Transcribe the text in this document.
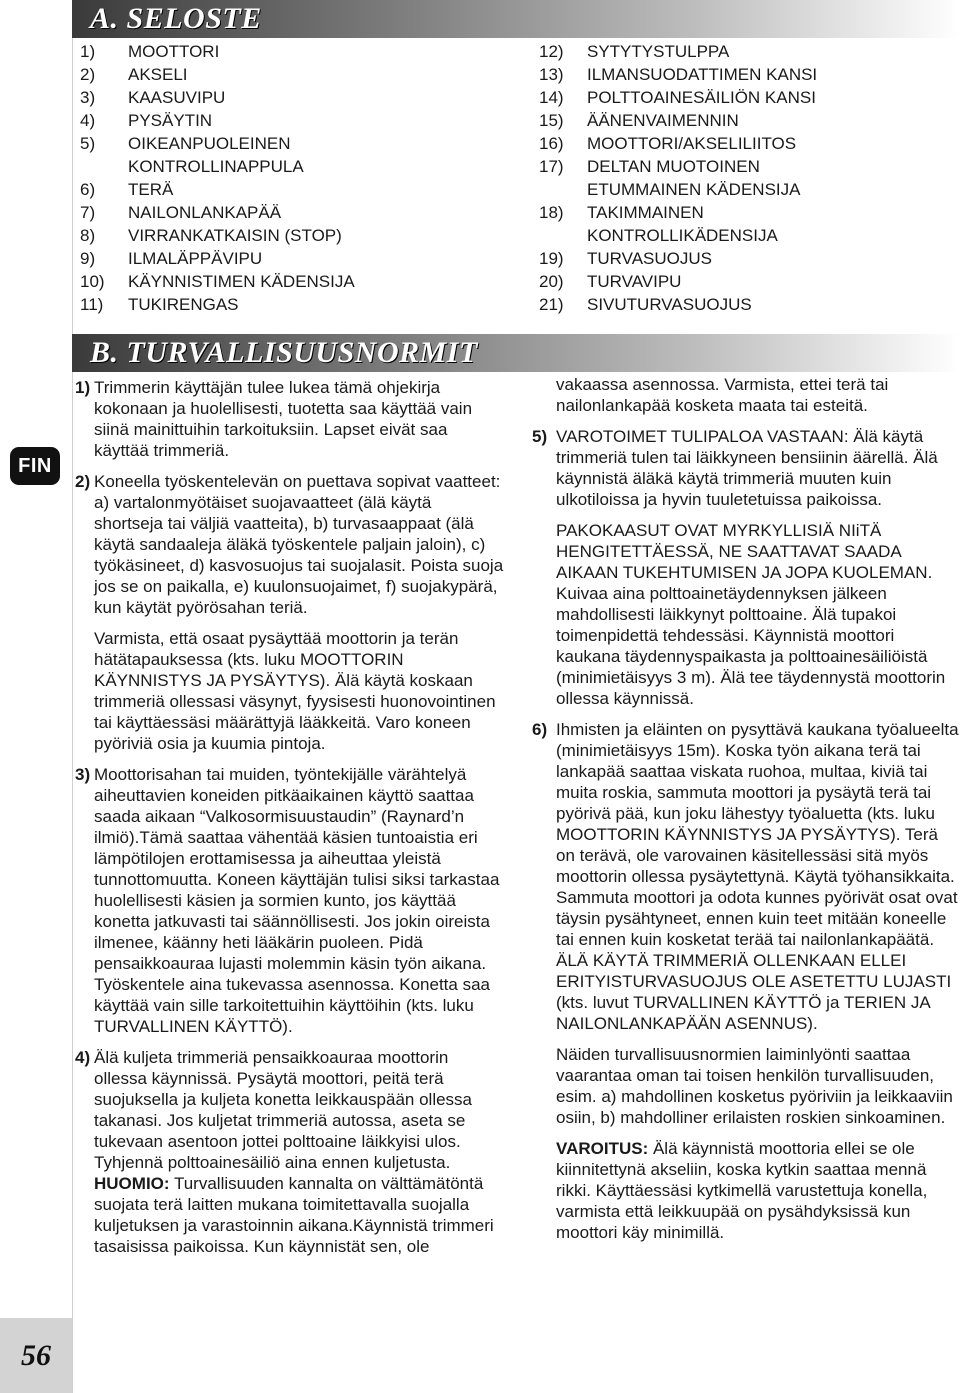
FIN
56
A. SELOSTE
1)	MOOTTORI
2)	AKSELI
3)	KAASUVIPU
4)	PYSÄYTIN
5)	OIKEANPUOLEINEN KONTROLLINAPPULA
6)	TERÄ
7)	NAILONLANKAPÄÄ
8)	VIRRANKATKAISIN (STOP)
9)	ILMALÄPPÄVIPU
10)	KÄYNNISTIMEN KÄDENSIJA
11)	TUKIRENGAS
12)	SYTYTYSTULPPA
13)	ILMANSUODATTIMEN KANSI
14)	POLTTOAINESÄILIÖN KANSI
15)	ÄÄNENVAIMENNIN
16)	MOOTTORI/AKSELILIITOS
17)	DELTAN MUOTOINEN ETUMMAINEN KÄDENSIJA
18)	TAKIMMAINEN KONTROLLIKÄDENSIJA
19)	TURVASUOJUS
20)	TURVAVIPU
21)	SIVUTURVASUOJUS
B. TURVALLISUUSNORMIT
1) Trimmerin käyttäjän tulee lukea tämä ohjekirja kokonaan ja huolellisesti, tuotetta saa käyttää vain siinä mainittuihin tarkoituksiin. Lapset eivät saa käyttää trimmeriä.
2) Koneella työskentelevän on puettava sopivat vaatteet: a) vartalonmyötäiset suojavaatteet (älä käytä shortseja tai väljiä vaatteita), b) turvasaappaat (älä käytä sandaaleja äläkä työskentele paljain jaloin), c) työkäsineet, d) kasvosuojus tai suojalasit. Poista suoja jos se on paikalla, e) kuulonsuojaimet, f) suojakypärä, kun käytät pyörösahan teriä.
Varmista, että osaat pysäyttää moottorin ja terän hätätapauksessa (kts. luku MOOTTORIN KÄYNNISTYS JA PYSÄYTYS). Älä käytä koskaan trimmeriä ollessasi väsynyt, fyysisesti huonovointinen tai käyttäessäsi määrättyjä lääkkeitä. Varo koneen pyöriviä osia ja kuumia pintoja.
3) Moottorisahan tai muiden, työntekijälle värähtelyä aiheuttavien koneiden pitkäaikainen käyttö saattaa saada aikaan “Valkosormisuustaudin” (Raynard’n ilmiö).Tämä saattaa vähentää käsien tuntoaistia eri lämpötilojen erottamisessa ja aiheuttaa yleistä tunnottomuutta. Koneen käyttäjän tulisi siksi tarkastaa huolellisesti käsien ja sormien kunto, jos käyttää konetta jatkuvasti tai säännöllisesti. Jos jokin oireista ilmenee, käänny heti lääkärin puoleen. Pidä pensaikkoauraa lujasti molemmin käsin työn aikana. Työskentele aina tukevassa asennossa. Konetta saa käyttää vain sille tarkoitettuihin käyttöihin (kts. luku TURVALLINEN KÄYTTÖ).
4) Älä kuljeta trimmeriä pensaikkoauraa moottorin ollessa käynnissä. Pysäytä moottori, peitä terä suojuksella ja kuljeta konetta leikkauspään ollessa takanasi. Jos kuljetat trimmeriä autossa, aseta se tukevaan asentoon jottei polttoaine läikkyisi ulos. Tyhjennä polttoainesäiliö aina ennen kuljetusta.
HUOMIO: Turvallisuuden kannalta on välttämätöntä suojata terä laitten mukana toimitettavalla suojalla kuljetuksen ja varastoinnin aikana.Käynnistä trimmeri tasaisissa paikoissa. Kun käynnistät sen, ole
vakaassa asennossa. Varmista, ettei terä tai nailonlankapää kosketa maata tai esteitä.
5) VAROTOIMET TULIPALOA VASTAAN: Älä käytä trimmeriä tulen tai läikkyneen bensiinin äärellä. Älä käynnistä äläkä käytä trimmeriä muuten kuin ulkotiloissa ja hyvin tuuletetuissa paikoissa.
PAKOKAASUT OVAT MYRKYLLISIÄ NIiTÄ HENGITETTÄESSÄ, NE SAATTAVAT SAADA AIKAAN TUKEHTUMISEN JA JOPA KUOLEMAN. Kuivaa aina polttoainetäydennyksen jälkeen mahdollisesti läikkynyt polttoaine. Älä tupakoi toimenpidettä tehdessäsi. Käynnistä moottori kaukana täydennyspaikasta ja polttoainesäiliöistä (minimietäisyys 3 m). Älä tee täydennystä moottorin ollessa käynnissä.
6) Ihmisten ja eläinten on pysyttävä kaukana työalueelta (minimietäisyys 15m). Koska työn aikana terä tai lankapää saattaa viskata ruohoa, multaa, kiviä tai muita roskia, sammuta moottori ja pysäytä terä tai pyörivä pää, kun joku lähestyy työaluetta (kts. luku MOOTTORIN KÄYNNISTYS JA PYSÄYTYS). Terä on terävä, ole varovainen käsitellessäsi sitä myös moottorin ollessa pysäytettynä. Käytä työhansikkaita. Sammuta moottori ja odota kunnes pyörivät osat ovat täysin pysähtyneet, ennen kuin teet mitään koneelle tai ennen kuin kosketat terää tai nailonlankapäätä. ÄLÄ KÄYTÄ TRIMMERIÄ OLLENKAAN ELLEI ERITYISTURVASUOJUS OLE ASETETTU LUJASTI (kts. luvut TURVALLINEN KÄYTTÖ ja TERIEN JA NAILONLANKAPÄÄN ASENNUS).
Näiden turvallisuusnormien laiminlyönti saattaa vaarantaa oman tai toisen henkilön turvallisuuden, esim. a) mahdollinen kosketus pyöriviin ja leikkaaviin osiin, b) mahdolliner erilaisten roskien sinkoaminen.
VAROITUS: Älä käynnistä moottoria ellei se ole kiinnitettynä akseliin, koska kytkin saattaa mennä rikki. Käyttäessäsi kytkimellä varustettuja konella, varmista että leikkuupää on pysähdyksissä kun moottori käy minimillä.
